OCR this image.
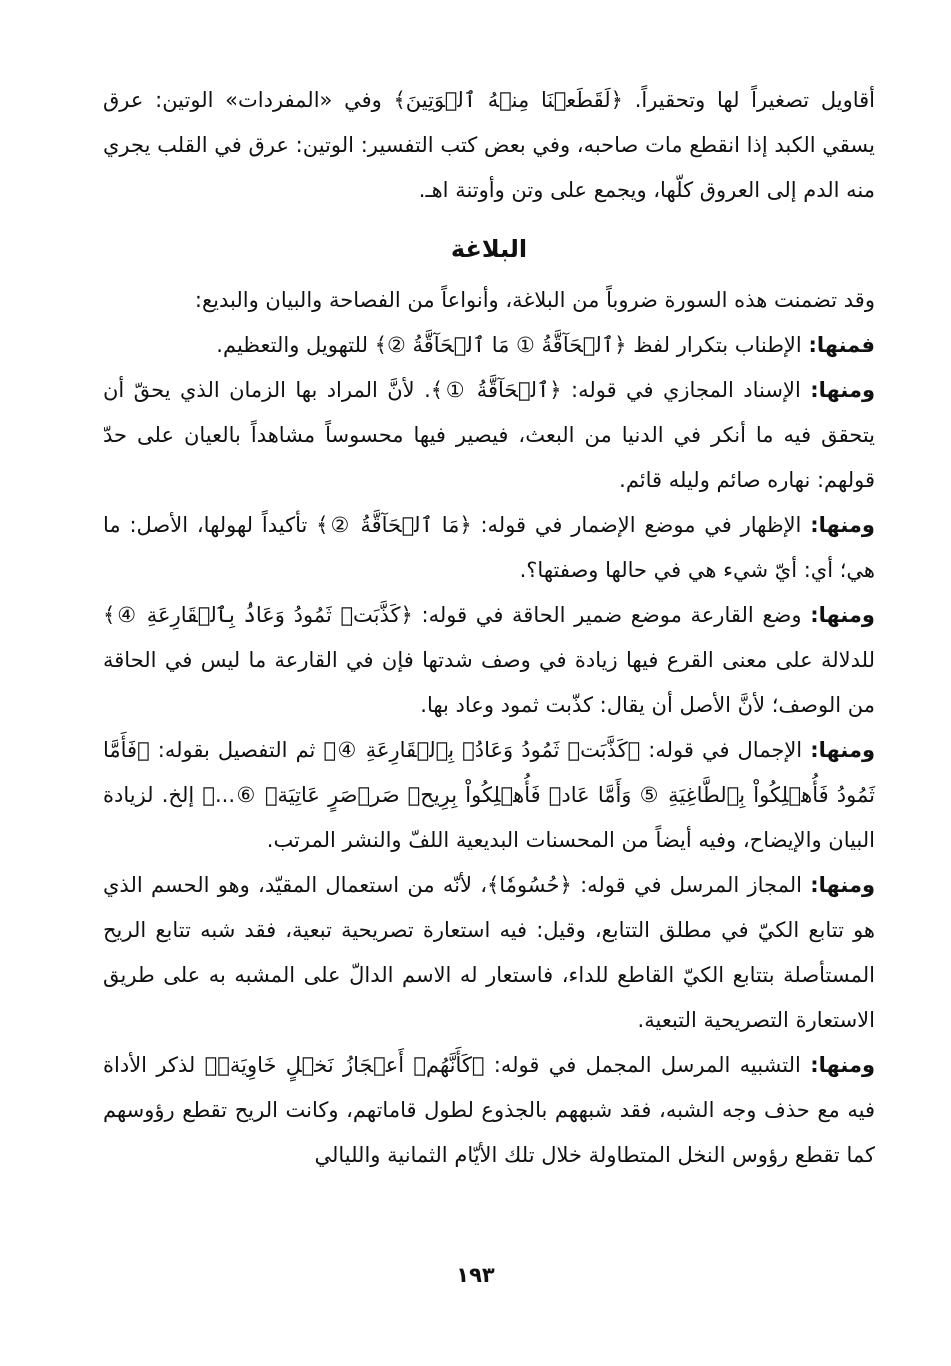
أقاويل تصغيراً لها وتحقيراً. ﴿لَقَطَعۡنَا مِنۡهُ ٱلۡوَتِينَ﴾ وفي «المفردات» الوتين: عرق يسقي الكبد إذا انقطع مات صاحبه، وفي بعض كتب التفسير: الوتين: عرق في القلب يجري منه الدم إلى العروق كلّها، ويجمع على وتن وأوتنة اهـ.

البلاغة

وقد تضمنت هذه السورة ضروباً من البلاغة، وأنواعاً من الفصاحة والبيان والبديع:

فمنها: الإطناب بتكرار لفظ ﴿ٱلۡحَآقَّةُ ① مَا ٱلۡحَآقَّةُ ②﴾ للتهويل والتعظيم.

ومنها: الإسناد المجازي في قوله: ﴿ٱلۡحَآقَّةُ ①﴾. لأنَّ المراد بها الزمان الذي يحقّ أن يتحقق فيه ما أنكر في الدنيا من البعث، فيصير فيها محسوساً مشاهداً بالعيان على حدّ قولهم: نهاره صائم وليله قائم.

ومنها: الإظهار في موضع الإضمار في قوله: ﴿مَا ٱلۡحَآقَّةُ ②﴾ تأكيداً لهولها، الأصل: ما هي؛ أي: أيّ شيء هي في حالها وصفتها؟.

ومنها: وضع القارعة موضع ضمير الحاقة في قوله: ﴿كَذَّبَتۡ ثَمُودُ وَعَادُۢ بِٱلۡقَارِعَةِ ④﴾ للدلالة على معنى القرع فيها زيادة في وصف شدتها فإن في القارعة ما ليس في الحاقة من الوصف؛ لأنَّ الأصل أن يقال: كذّبت ثمود وعاد بها.

ومنها: الإجمال في قوله: ﴿كَذَّبَتۡ ثَمُودُ وَعَادُۢ بِٱلۡقَارِعَةِ ④﴾ ثم التفصيل بقوله: ﴿فَأَمَّا ثَمُودُ فَأُهۡلِكُواْ بِٱلطَّاغِيَةِ ⑤ وَأَمَّا عَادٞ فَأُهۡلِكُواْ بِرِيحٖ صَرۡصَرٍ عَاتِيَةٖ ⑥...﴾ إلخ. لزيادة البيان والإيضاح، وفيه أيضاً من المحسنات البديعية اللفّ والنشر المرتب.

ومنها: المجاز المرسل في قوله: ﴿حُسُومٗا﴾، لأنّه من استعمال المقيّد، وهو الحسم الذي هو تتابع الكيّ في مطلق التتابع، وقيل: فيه استعارة تصريحية تبعية، فقد شبه تتابع الريح المستأصلة بتتابع الكيّ القاطع للداء، فاستعار له الاسم الدالّ على المشبه به على طريق الاستعارة التصريحية التبعية.

ومنها: التشبيه المرسل المجمل في قوله: ﴿كَأَنَّهُمۡ أَعۡجَازُ نَخۡلٍ خَاوِيَةٖ﴾ لذكر الأداة فيه مع حذف وجه الشبه، فقد شبههم بالجذوع لطول قاماتهم، وكانت الريح تقطع رؤوسهم كما تقطع رؤوس النخل المتطاولة خلال تلك الأيّام الثمانية والليالي

١٩٣
